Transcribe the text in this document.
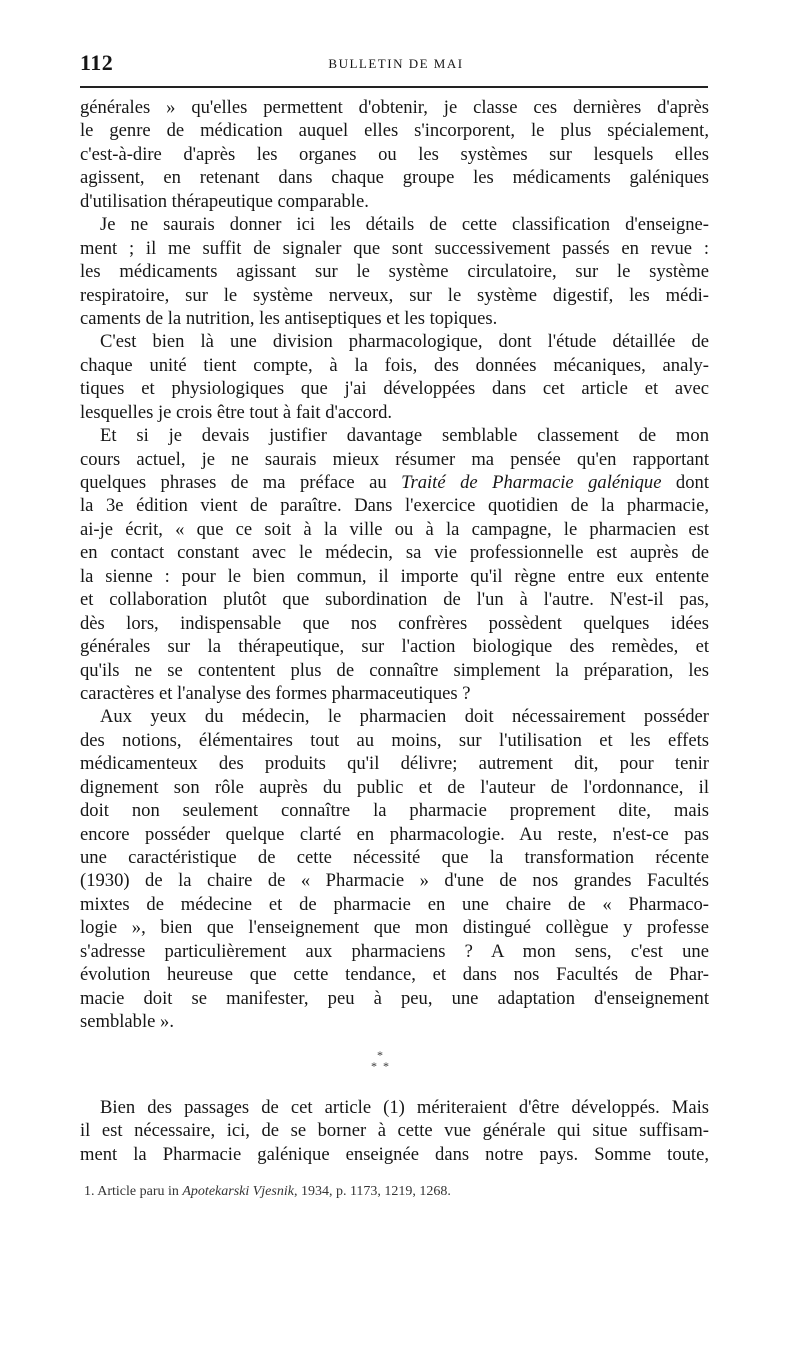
112	BULLETIN DE MAI
générales » qu'elles permettent d'obtenir, je classe ces dernières d'après
le genre de médication auquel elles s'incorporent, le plus spécialement,
c'est-à-dire d'après les organes ou les systèmes sur lesquels elles
agissent, en retenant dans chaque groupe les médicaments galéniques
d'utilisation thérapeutique comparable.
Je ne saurais donner ici les détails de cette classification d'enseigne-
ment ; il me suffit de signaler que sont successivement passés en revue :
les médicaments agissant sur le système circulatoire, sur le système
respiratoire, sur le système nerveux, sur le système digestif, les médi-
caments de la nutrition, les antiseptiques et les topiques.
C'est bien là une division pharmacologique, dont l'étude détaillée de
chaque unité tient compte, à la fois, des données mécaniques, analy-
tiques et physiologiques que j'ai développées dans cet article et avec
lesquelles je crois être tout à fait d'accord.
Et si je devais justifier davantage semblable classement de mon
cours actuel, je ne saurais mieux résumer ma pensée qu'en rapportant
quelques phrases de ma préface au Traité de Pharmacie galénique dont
la 3e édition vient de paraître. Dans l'exercice quotidien de la pharmacie,
ai-je écrit, « que ce soit à la ville ou à la campagne, le pharmacien est
en contact constant avec le médecin, sa vie professionnelle est auprès de
la sienne : pour le bien commun, il importe qu'il règne entre eux entente
et collaboration plutôt que subordination de l'un à l'autre. N'est-il pas,
dès lors, indispensable que nos confrères possèdent quelques idées
générales sur la thérapeutique, sur l'action biologique des remèdes, et
qu'ils ne se contentent plus de connaître simplement la préparation, les
caractères et l'analyse des formes pharmaceutiques ?
Aux yeux du médecin, le pharmacien doit nécessairement posséder
des notions, élémentaires tout au moins, sur l'utilisation et les effets
médicamenteux des produits qu'il délivre; autrement dit, pour tenir
dignement son rôle auprès du public et de l'auteur de l'ordonnance, il
doit non seulement connaître la pharmacie proprement dite, mais
encore posséder quelque clarté en pharmacologie. Au reste, n'est-ce pas
une caractéristique de cette nécessité que la transformation récente
(1930) de la chaire de « Pharmacie » d'une de nos grandes Facultés
mixtes de médecine et de pharmacie en une chaire de « Pharmaco-
logie », bien que l'enseignement que mon distingué collègue y professe
s'adresse particulièrement aux pharmaciens ? A mon sens, c'est une
évolution heureuse que cette tendance, et dans nos Facultés de Phar-
macie doit se manifester, peu à peu, une adaptation d'enseignement
semblable ».
*
*  *
Bien des passages de cet article (1) mériteraient d'être développés. Mais
il est nécessaire, ici, de se borner à cette vue générale qui situe suffisam-
ment la Pharmacie galénique enseignée dans notre pays. Somme toute,
1. Article paru in Apotekarski Vjesnik, 1934, p. 1173, 1219, 1268.
